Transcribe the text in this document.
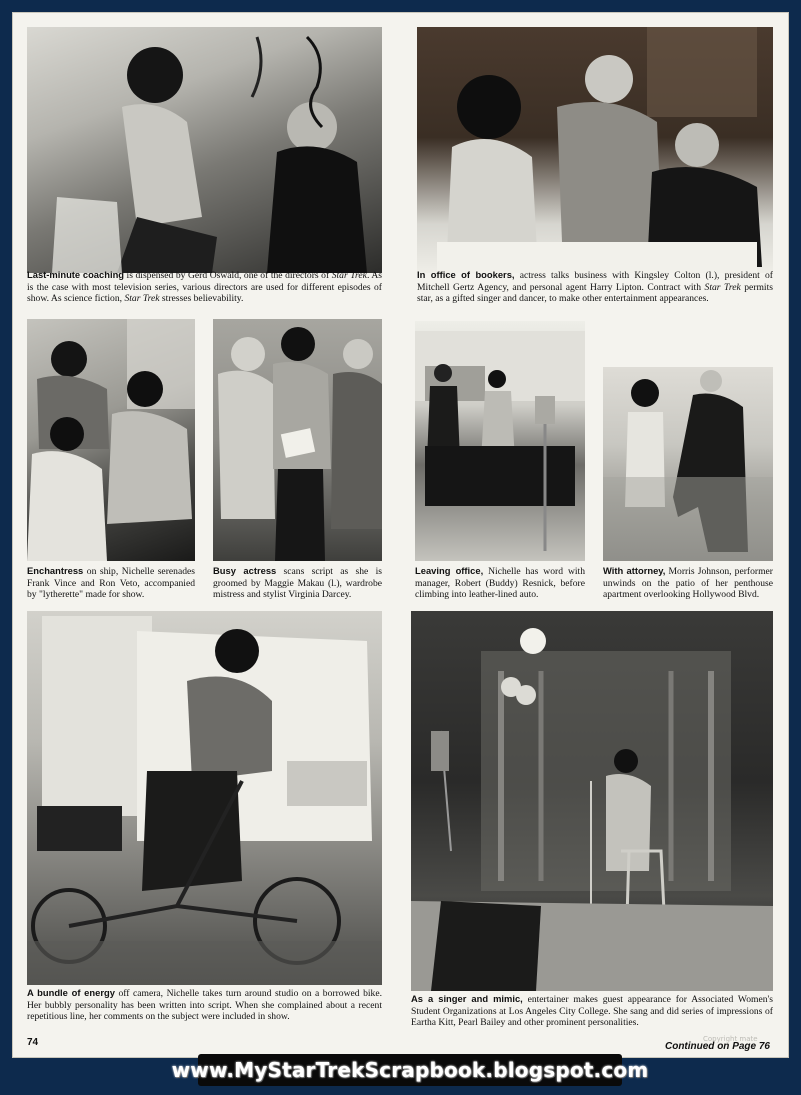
Last-minute coaching is dispensed by Gerd Oswald, one of the directors of Star Trek. As is the case with most television series, various directors are used for different episodes of show. As science fiction, Star Trek stresses believability.
In office of bookers, actress talks business with Kingsley Colton (l.), president of Mitchell Gertz Agency, and personal agent Harry Lipton. Contract with Star Trek permits star, as a gifted singer and dancer, to make other entertainment appearances.
Enchantress on ship, Nichelle serenades Frank Vince and Ron Veto, accompanied by "lytherette" made for show.
Busy actress scans script as she is groomed by Maggie Makau (l.), wardrobe mistress and stylist Virginia Darcey.
Leaving office, Nichelle has word with manager, Robert (Buddy) Resnick, before climbing into leather-lined auto.
With attorney, Morris Johnson, performer unwinds on the patio of her penthouse apartment overlooking Hollywood Blvd.
Copyright mate
A bundle of energy off camera, Nichelle takes turn around studio on a borrowed bike. Her bubbly personality has been written into script. When she complained about a recent repetitious line, her comments on the subject were included in show.
As a singer and mimic, entertainer makes guest appearance for Associated Women's Student Organizations at Los Angeles City College. She sang and did series of impressions of Eartha Kitt, Pearl Bailey and other prominent personalities.
74	Continued on Page 76
www.MyStarTrekScrapbook.blogspot.com
